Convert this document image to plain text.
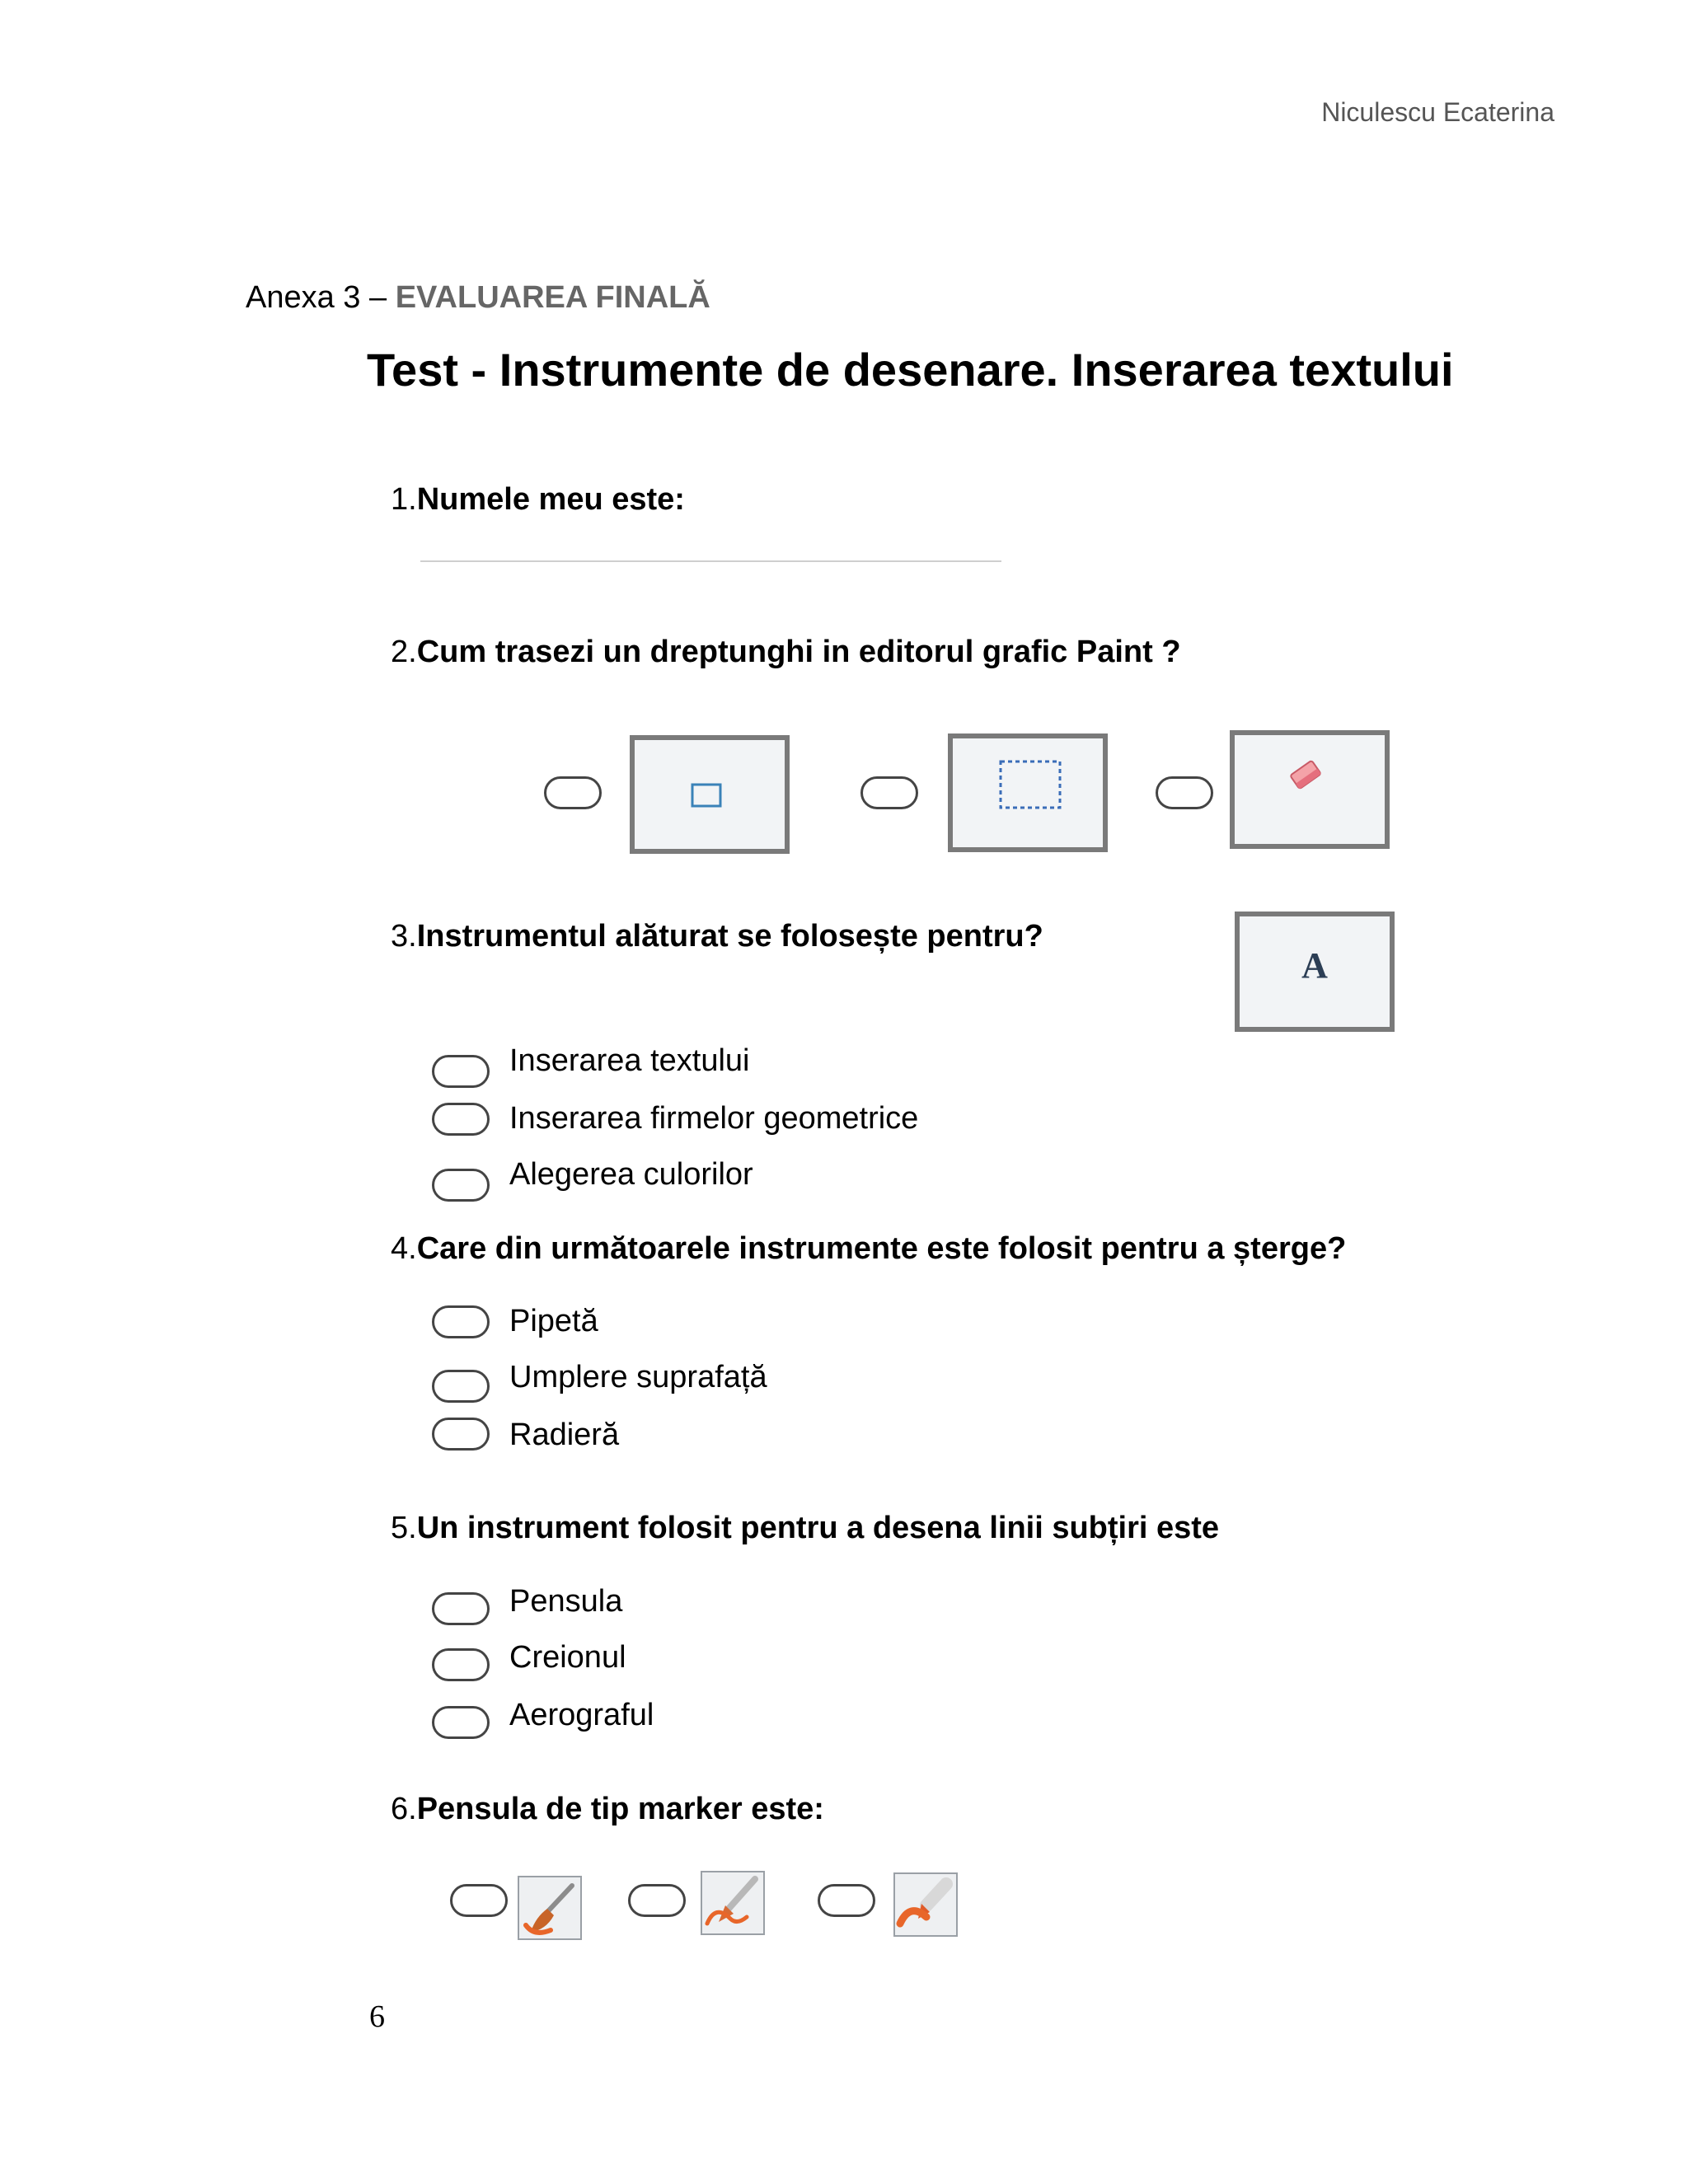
Niculescu Ecaterina
Anexa 3 – EVALUAREA FINALĂ
Test - Instrumente de desenare. Inserarea textului
1.Numele meu este:
2.Cum trasezi un dreptunghi in editorul grafic Paint ?
3.Instrumentul alăturat se folosește pentru?
A
Inserarea textului
Inserarea firmelor geometrice
Alegerea culorilor
4.Care din următoarele instrumente este folosit pentru a șterge?
Pipetă
Umplere suprafață
Radieră
5.Un instrument folosit pentru a desena linii subțiri este
Pensula
Creionul
Aerograful
6.Pensula de tip marker este:
6
